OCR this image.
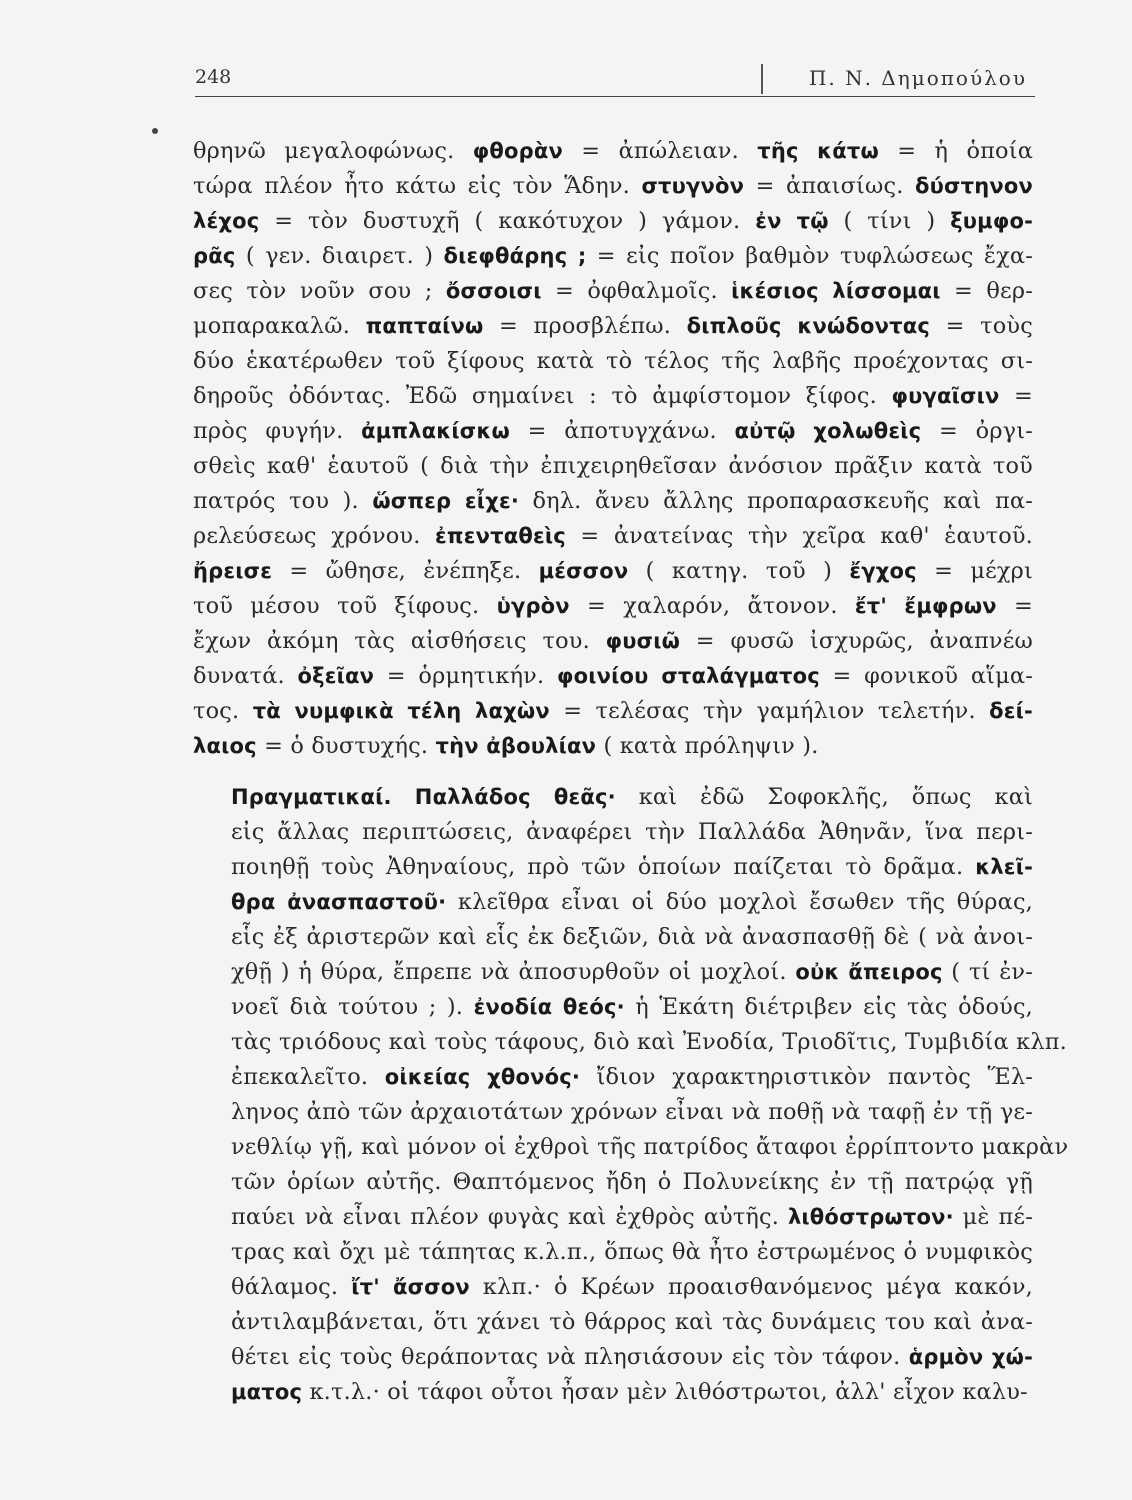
248	Π. Ν. Δημοπούλου

θρηνῶ μεγαλοφώνως. φθορὰν = ἀπώλειαν. τῆς κάτω = ἡ ὁποία
τώρα πλέον ἦτο κάτω εἰς τὸν Ἅδην. στυγνὸν = ἀπαισίως. δύστηνον
λέχος = τὸν δυστυχῆ ( κακότυχον ) γάμον. ἐν τῷ ( τίνι ) ξυμφο-
ρᾶς ( γεν. διαιρετ. ) διεφθάρης ; = εἰς ποῖον βαθμὸν τυφλώσεως ἔχα-
σες τὸν νοῦν σου ; ὄσσοισι = ὀφθαλμοῖς. ἱκέσιος λίσσομαι = θερ-
μοπαρακαλῶ. παπταίνω = προσβλέπω. διπλοῦς κνώδοντας = τοὺς
δύο ἑκατέρωθεν τοῦ ξίφους κατὰ τὸ τέλος τῆς λαβῆς προέχοντας σι-
δηροῦς ὀδόντας. Ἐδῶ σημαίνει : τὸ ἀμφίστομον ξίφος. φυγαῖσιν =
πρὸς φυγήν. ἀμπλακίσκω = ἀποτυγχάνω. αὐτῷ χολωθεὶς = ὀργι-
σθεὶς καθ' ἑαυτοῦ ( διὰ τὴν ἐπιχειρηθεῖσαν ἀνόσιον πρᾶξιν κατὰ τοῦ
πατρός του ). ὥσπερ εἶχε· δηλ. ἄνευ ἄλλης προπαρασκευῆς καὶ πα-
ρελεύσεως χρόνου. ἐπενταθεὶς = ἀνατείνας τὴν χεῖρα καθ' ἑαυτοῦ.
ἤρεισε = ὤθησε, ἐνέπηξε. μέσσον ( κατηγ. τοῦ ) ἔγχος = μέχρι
τοῦ μέσου τοῦ ξίφους. ὑγρὸν = χαλαρόν, ἄτονον. ἔτ' ἔμφρων =
ἔχων ἀκόμη τὰς αἰσθήσεις του. φυσιῶ = φυσῶ ἰσχυρῶς, ἀναπνέω
δυνατά. ὀξεῖαν = ὁρμητικήν. φοινίου σταλάγματος = φονικοῦ αἵμα-
τος. τὰ νυμφικὰ τέλη λαχὼν = τελέσας τὴν γαμήλιον τελετήν. δεί-
λαιος = ὁ δυστυχής. τὴν ἀβουλίαν ( κατὰ πρόληψιν ).

Πραγματικαί. Παλλάδος θεᾶς· καὶ ἐδῶ Σοφοκλῆς, ὅπως καὶ
εἰς ἄλλας περιπτώσεις, ἀναφέρει τὴν Παλλάδα Ἀθηνᾶν, ἵνα περι-
ποιηθῇ τοὺς Ἀθηναίους, πρὸ τῶν ὁποίων παίζεται τὸ δρᾶμα. κλεῖ-
θρα ἀνασπαστοῦ· κλεῖθρα εἶναι οἱ δύο μοχλοὶ ἔσωθεν τῆς θύρας,
εἷς ἐξ ἀριστερῶν καὶ εἷς ἐκ δεξιῶν, διὰ νὰ ἀνασπασθῇ δὲ ( νὰ ἀνοι-
χθῇ ) ἡ θύρα, ἔπρεπε νὰ ἀποσυρθοῦν οἱ μοχλοί. οὐκ ἄπειρος ( τί ἐν-
νοεῖ διὰ τούτου ; ). ἐνοδία θεός· ἡ Ἑκάτη διέτριβεν εἰς τὰς ὁδούς,
τὰς τριόδους καὶ τοὺς τάφους, διὸ καὶ Ἐνοδία, Τριοδῖτις, Τυμβιδία κλπ.
ἐπεκαλεῖτο. οἰκείας χθονός· ἴδιον χαρακτηριστικὸν παντὸς Ἕλ-
ληνος ἀπὸ τῶν ἀρχαιοτάτων χρόνων εἶναι νὰ ποθῇ νὰ ταφῇ ἐν τῇ γε-
νεθλίῳ γῇ, καὶ μόνον οἱ ἐχθροὶ τῆς πατρίδος ἄταφοι ἐρρίπτοντο μακρὰν
τῶν ὁρίων αὐτῆς. Θαπτόμενος ἤδη ὁ Πολυνείκης ἐν τῇ πατρῴᾳ γῇ
παύει νὰ εἶναι πλέον φυγὰς καὶ ἐχθρὸς αὐτῆς. λιθόστρωτον· μὲ πέ-
τρας καὶ ὄχι μὲ τάπητας κ.λ.π., ὅπως θὰ ἦτο ἐστρωμένος ὁ νυμφικὸς
θάλαμος. ἴτ' ἄσσον κλπ.· ὁ Κρέων προαισθανόμενος μέγα κακόν,
ἀντιλαμβάνεται, ὅτι χάνει τὸ θάρρος καὶ τὰς δυνάμεις του καὶ ἀνα-
θέτει εἰς τοὺς θεράποντας νὰ πλησιάσουν εἰς τὸν τάφον. ἁρμὸν χώ-
ματος κ.τ.λ.· οἱ τάφοι οὗτοι ἦσαν μὲν λιθόστρωτοι, ἀλλ' εἶχον καλυ-
